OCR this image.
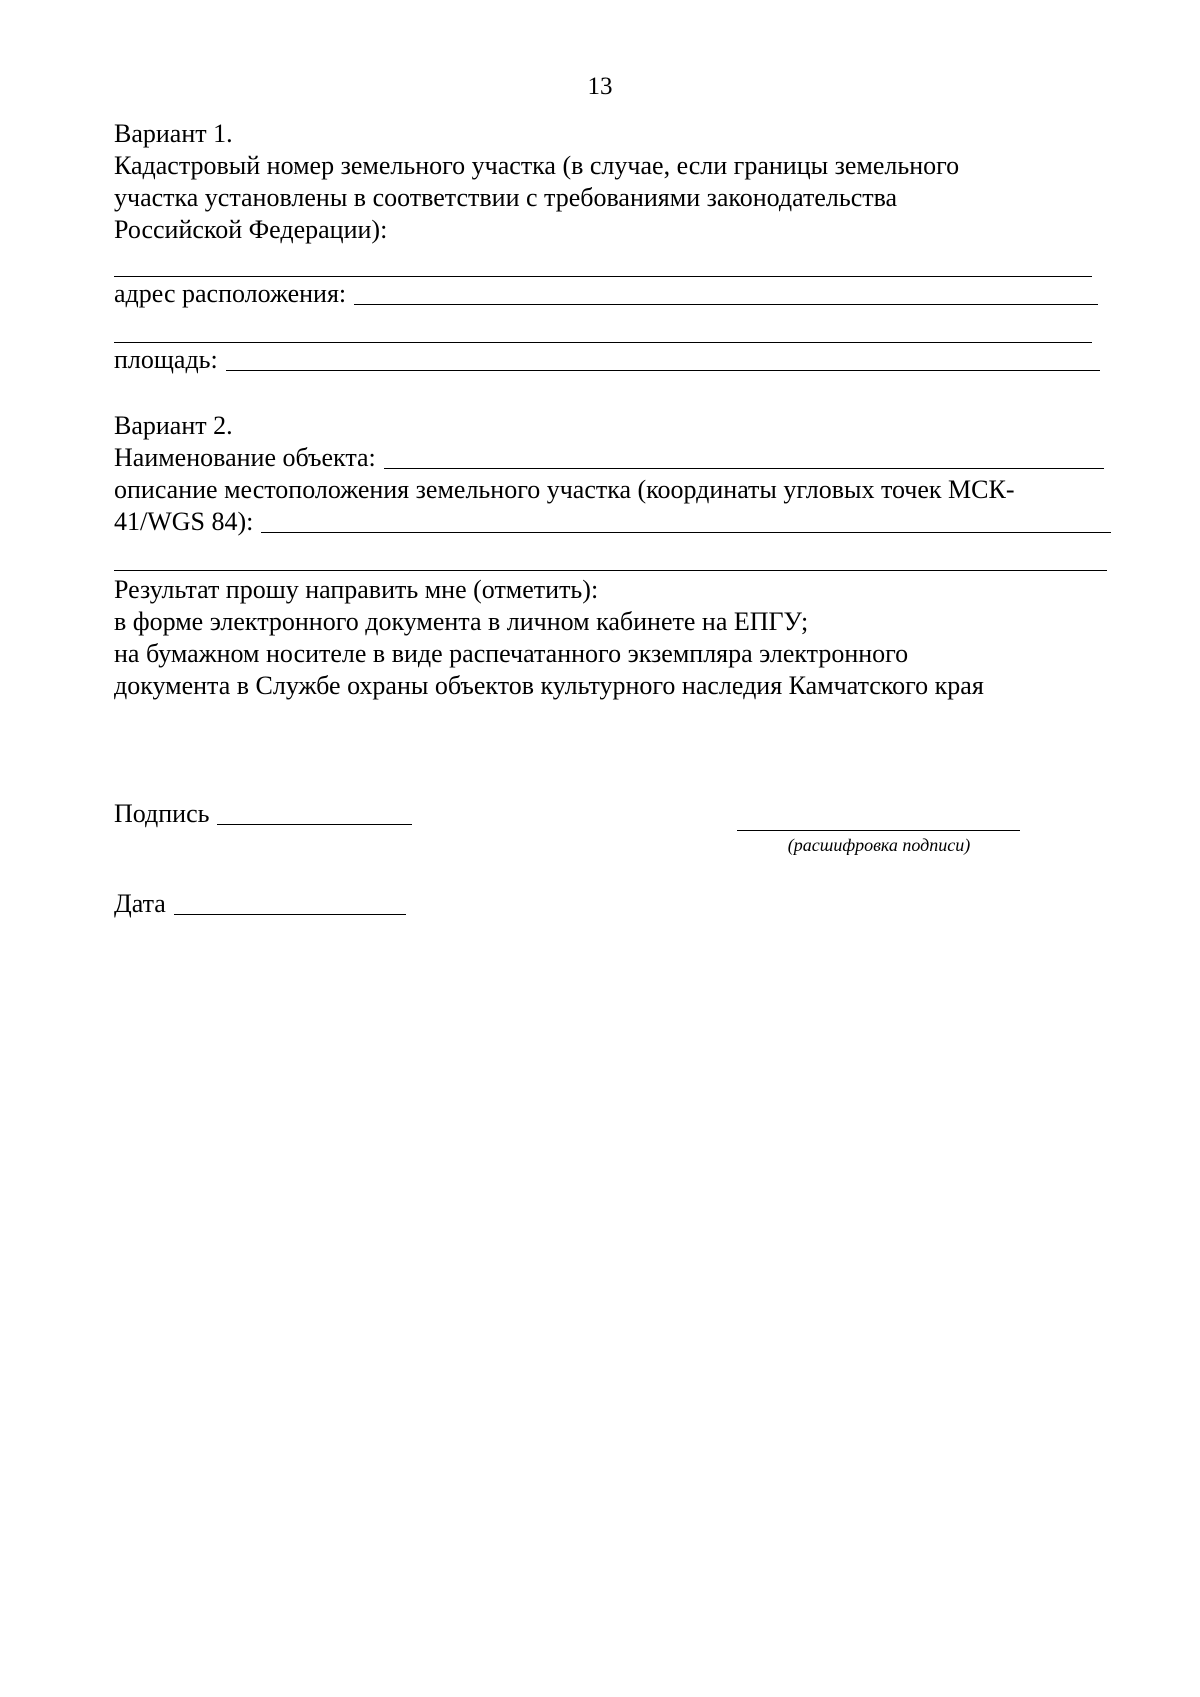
13
Вариант 1.
Кадастровый номер земельного участка (в случае, если границы земельного
участка установлены в соответствии с требованиями законодательства
Российской Федерации):
адрес расположения:
площадь:
Вариант 2.
Наименование объекта:
описание местоположения земельного участка (координаты угловых точек МСК-
41/WGS 84):
Результат прошу направить мне (отметить):
в форме электронного документа в личном кабинете на ЕПГУ;
на бумажном носителе в виде распечатанного экземпляра электронного
документа в Службе охраны объектов культурного наследия Камчатского края
Подпись
(расшифровка подписи)
Дата
